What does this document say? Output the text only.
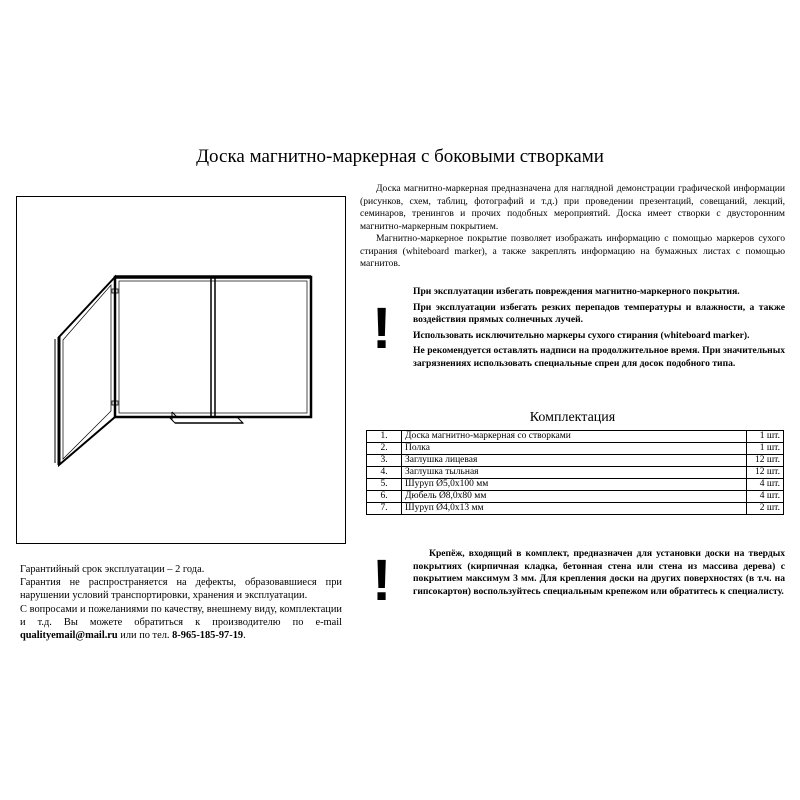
Доска магнитно-маркерная с боковыми створками

Доска магнитно-маркерная предназначена для наглядной демонстрации графической информации (рисунков, схем, таблиц, фотографий и т.д.) при проведении презентаций, совещаний, лекций, семинаров, тренингов и прочих подобных мероприятий. Доска имеет створки с двусторонним магнитно-маркерным покрытием.

Магнитно-маркерное покрытие позволяет изображать информацию с помощью маркеров сухого стирания (whiteboard marker), а также закреплять информацию на бумажных листах с помощью магнитов.

!

При эксплуатации избегать повреждения магнитно-маркерного покрытия.

При эксплуатации избегать резких перепадов температуры и влажности, а также воздействия прямых солнечных лучей.

Использовать исключительно маркеры сухого стирания (whiteboard marker).

Не рекомендуется оставлять надписи на продолжительное время. При значительных загрязнениях использовать специальные спреи для досок подобного типа.

Комплектация
1.	Доска магнитно-маркерная со створками	1 шт.
2.	Полка	1 шт.
3.	Заглушка лицевая	12 шт.
4.	Заглушка тыльная	12 шт.
5.	Шуруп Ø5,0x100 мм	4 шт.
6.	Дюбель Ø8,0x80 мм	4 шт.
7.	Шуруп Ø4,0x13 мм	2 шт.
!	Крепёж, входящий в комплект, предназначен для установки доски на твердых покрытиях (кирпичная кладка, бетонная стена или стена из массива дерева) с покрытием максимум 3 мм. Для крепления доски на других поверхностях (в т.ч. на гипсокартон) воспользуйтесь специальным крепежом или обратитесь к специалисту.

Гарантийный срок эксплуатации – 2 года.

Гарантия не распространяется на дефекты, образовавшиеся при нарушении условий транспортировки, хранения и эксплуатации.

С вопросами и пожеланиями по качеству, внешнему виду, комплектации и т.д. Вы можете обратиться к производителю по e-mail qualityemail@mail.ru или по тел. 8-965-185-97-19.
